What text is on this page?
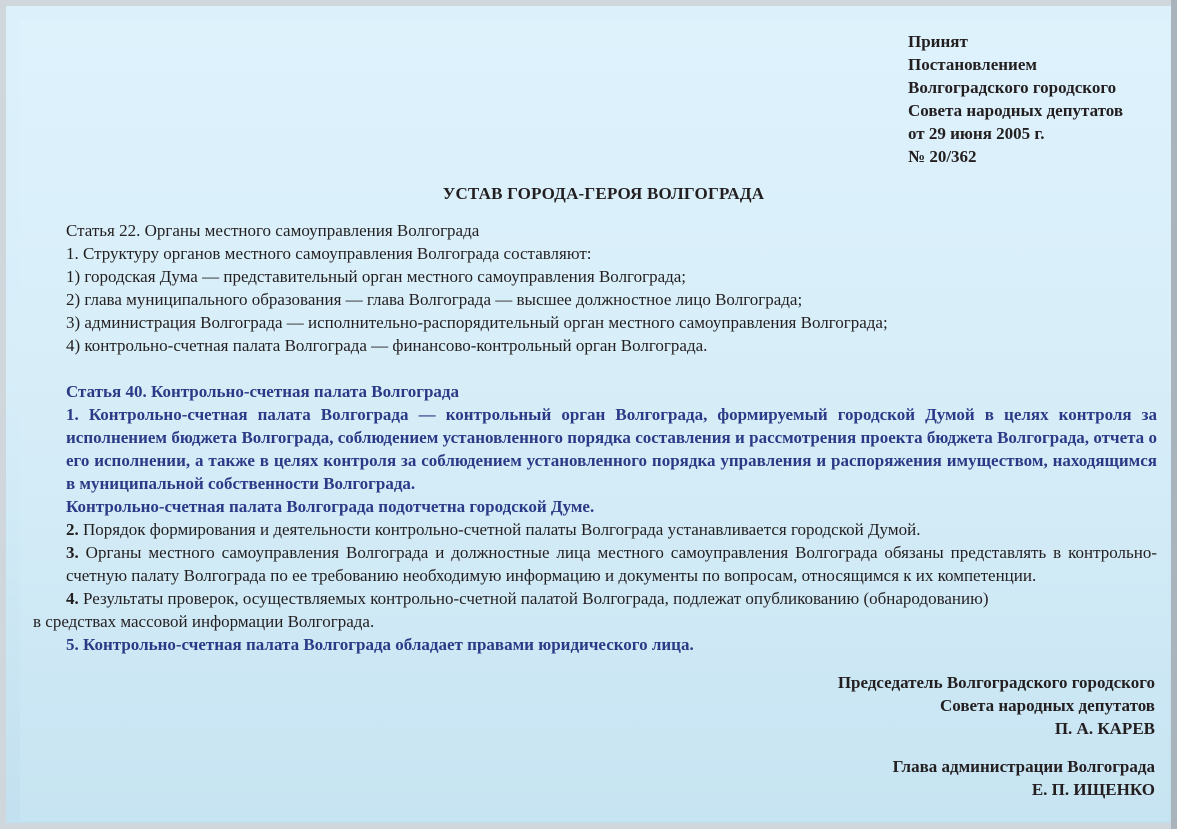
Принят
Постановлением
Волгоградского городского
Совета народных депутатов
от 29 июня 2005 г.
№ 20/362
УСТАВ ГОРОДА-ГЕРОЯ ВОЛГОГРАДА

Статья 22. Органы местного самоуправления Волгограда

1. Структуру органов местного самоуправления Волгограда составляют:

1) городская Дума — представительный орган местного самоуправления Волгограда;

2) глава муниципального образования — глава Волгограда — высшее должностное лицо Волгограда;

3) администрация Волгограда — исполнительно-распорядительный орган местного самоуправления Волгограда;

4) контрольно-счетная палата Волгограда — финансово-контрольный орган Волгограда.

Статья 40. Контрольно-счетная палата Волгограда

1. Контрольно-счетная палата Волгограда — контрольный орган Волгограда, формируемый городской Думой в целях контроля за исполнением бюджета Волгограда, соблюдением установленного порядка составления и рассмотрения проекта бюджета Волгограда, отчета о его исполнении, а также в целях контроля за соблюдением установленного порядка управления и распоряжения имуществом, находящимся в муниципальной собственности Волгограда.

Контрольно-счетная палата Волгограда подотчетна городской Думе.

2. Порядок формирования и деятельности контрольно-счетной палаты Волгограда устанавливается городской Думой.

3. Органы местного самоуправления Волгограда и должностные лица местного самоуправления Волгограда обязаны представлять в контрольно-счетную палату Волгограда по ее требованию необходимую информацию и документы по вопросам, относящимся к их компетенции.

4. Результаты проверок, осуществляемых контрольно-счетной палатой Волгограда, подлежат опубликованию (обнародованию)

в средствах массовой информации Волгограда.

5. Контрольно-счетная палата Волгограда обладает правами юридического лица.

Председатель Волгоградского городского
Совета народных депутатов
П. А. КАРЕВ
Глава администрации Волгограда
Е. П. ИЩЕНКО
